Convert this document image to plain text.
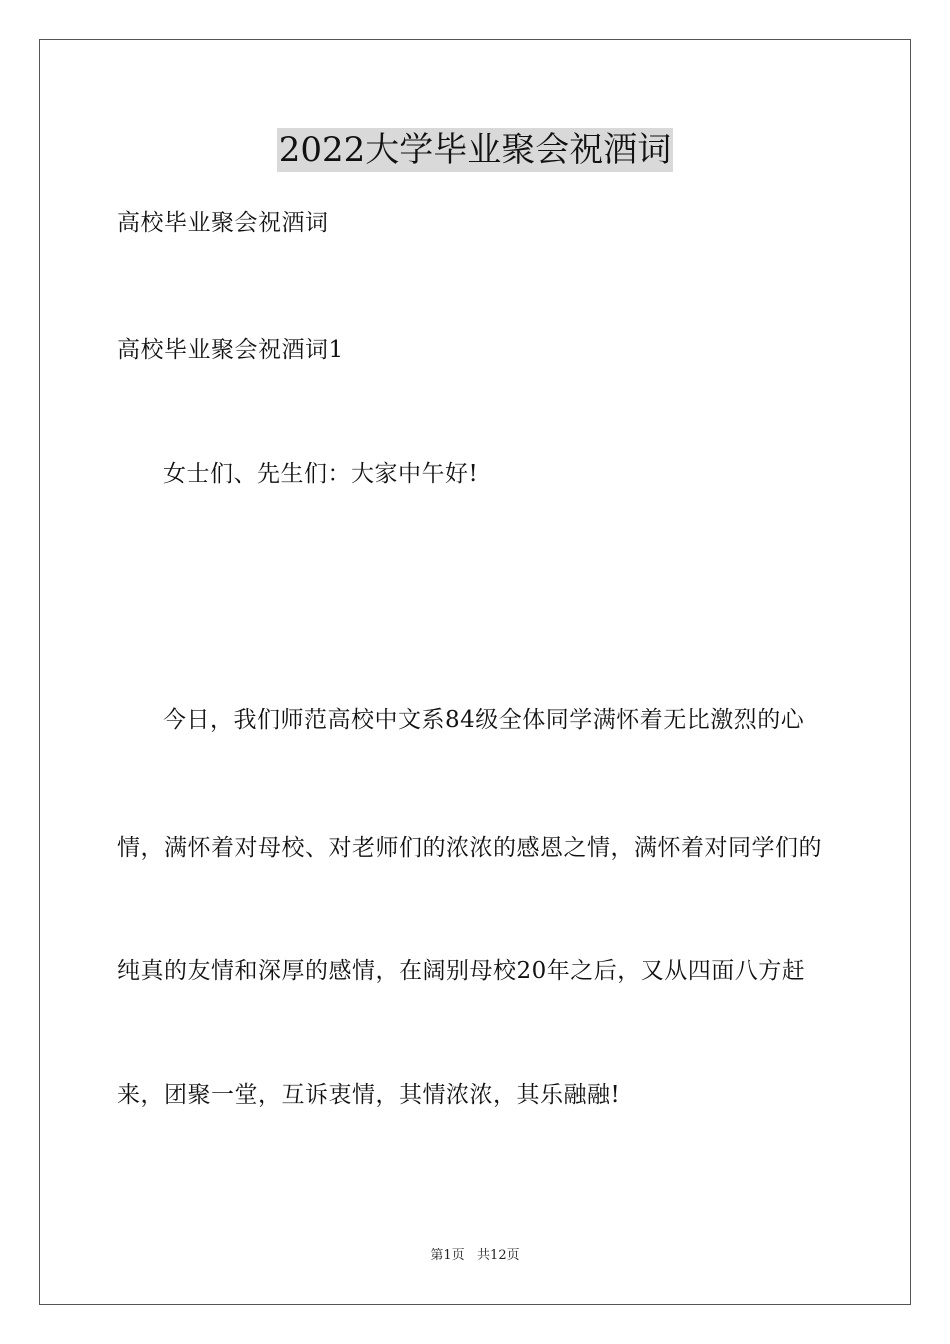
2022大学毕业聚会祝酒词
高校毕业聚会祝酒词
高校毕业聚会祝酒词1
女士们、先生们：大家中午好!
今日，我们师范高校中文系84级全体同学满怀着无比激烈的心
情，满怀着对母校、对老师们的浓浓的感恩之情，满怀着对同学们的
纯真的友情和深厚的感情，在阔别母校20年之后，又从四面八方赶
来，团聚一堂，互诉衷情，其情浓浓，其乐融融!
第1页   共12页
